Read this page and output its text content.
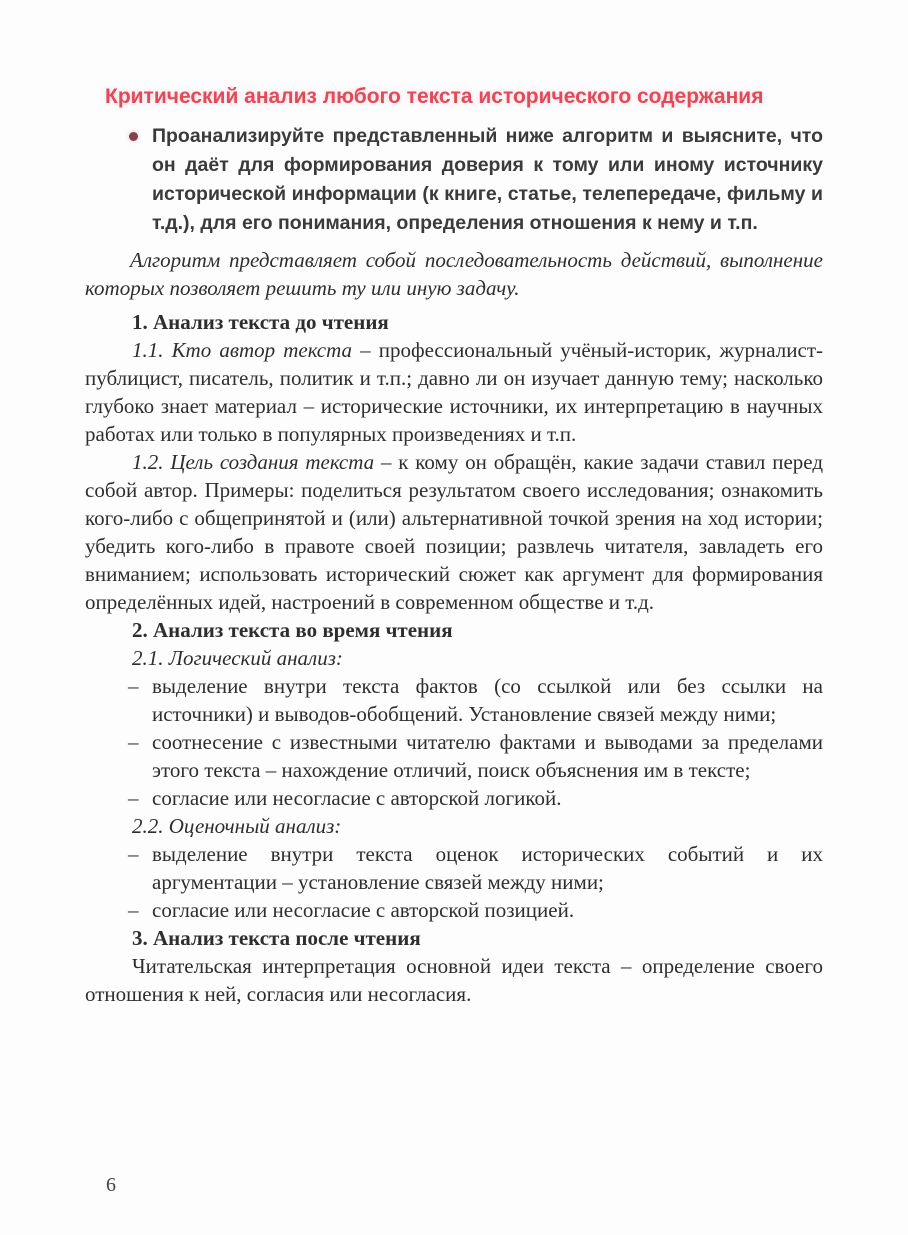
Критический анализ любого текста исторического содержания
Проанализируйте представленный ниже алгоритм и выясните, что он даёт для формирования доверия к тому или иному источнику исторической информации (к книге, статье, телепередаче, фильму и т.д.), для его понимания, определения отношения к нему и т.п.

Алгоритм представляет собой последовательность действий, выполнение которых позволяет решить ту или иную задачу.

1. Анализ текста до чтения

1.1. Кто автор текста – профессиональный учёный-историк, журналист-публицист, писатель, политик и т.п.; давно ли он изучает данную тему; насколько глубоко знает материал – исторические источники, их интерпретацию в научных работах или только в популярных произведениях и т.п.

1.2. Цель создания текста – к кому он обращён, какие задачи ставил перед собой автор. Примеры: поделиться результатом своего исследования; ознакомить кого-либо с общепринятой и (или) альтернативной точкой зрения на ход истории; убедить кого-либо в правоте своей позиции; развлечь читателя, завладеть его вниманием; использовать исторический сюжет как аргумент для формирования определённых идей, настроений в современном обществе и т.д.

2. Анализ текста во время чтения

2.1. Логический анализ:

– выделение внутри текста фактов (со ссылкой или без ссылки на источники) и выводов-обобщений. Установление связей между ними;
– соотнесение с известными читателю фактами и выводами за пределами этого текста – нахождение отличий, поиск объяснения им в тексте;
– согласие или несогласие с авторской логикой.

2.2. Оценочный анализ:

– выделение внутри текста оценок исторических событий и их аргументации – установление связей между ними;
– согласие или несогласие с авторской позицией.

3. Анализ текста после чтения

Читательская интерпретация основной идеи текста – определение своего отношения к ней, согласия или несогласия.

6
